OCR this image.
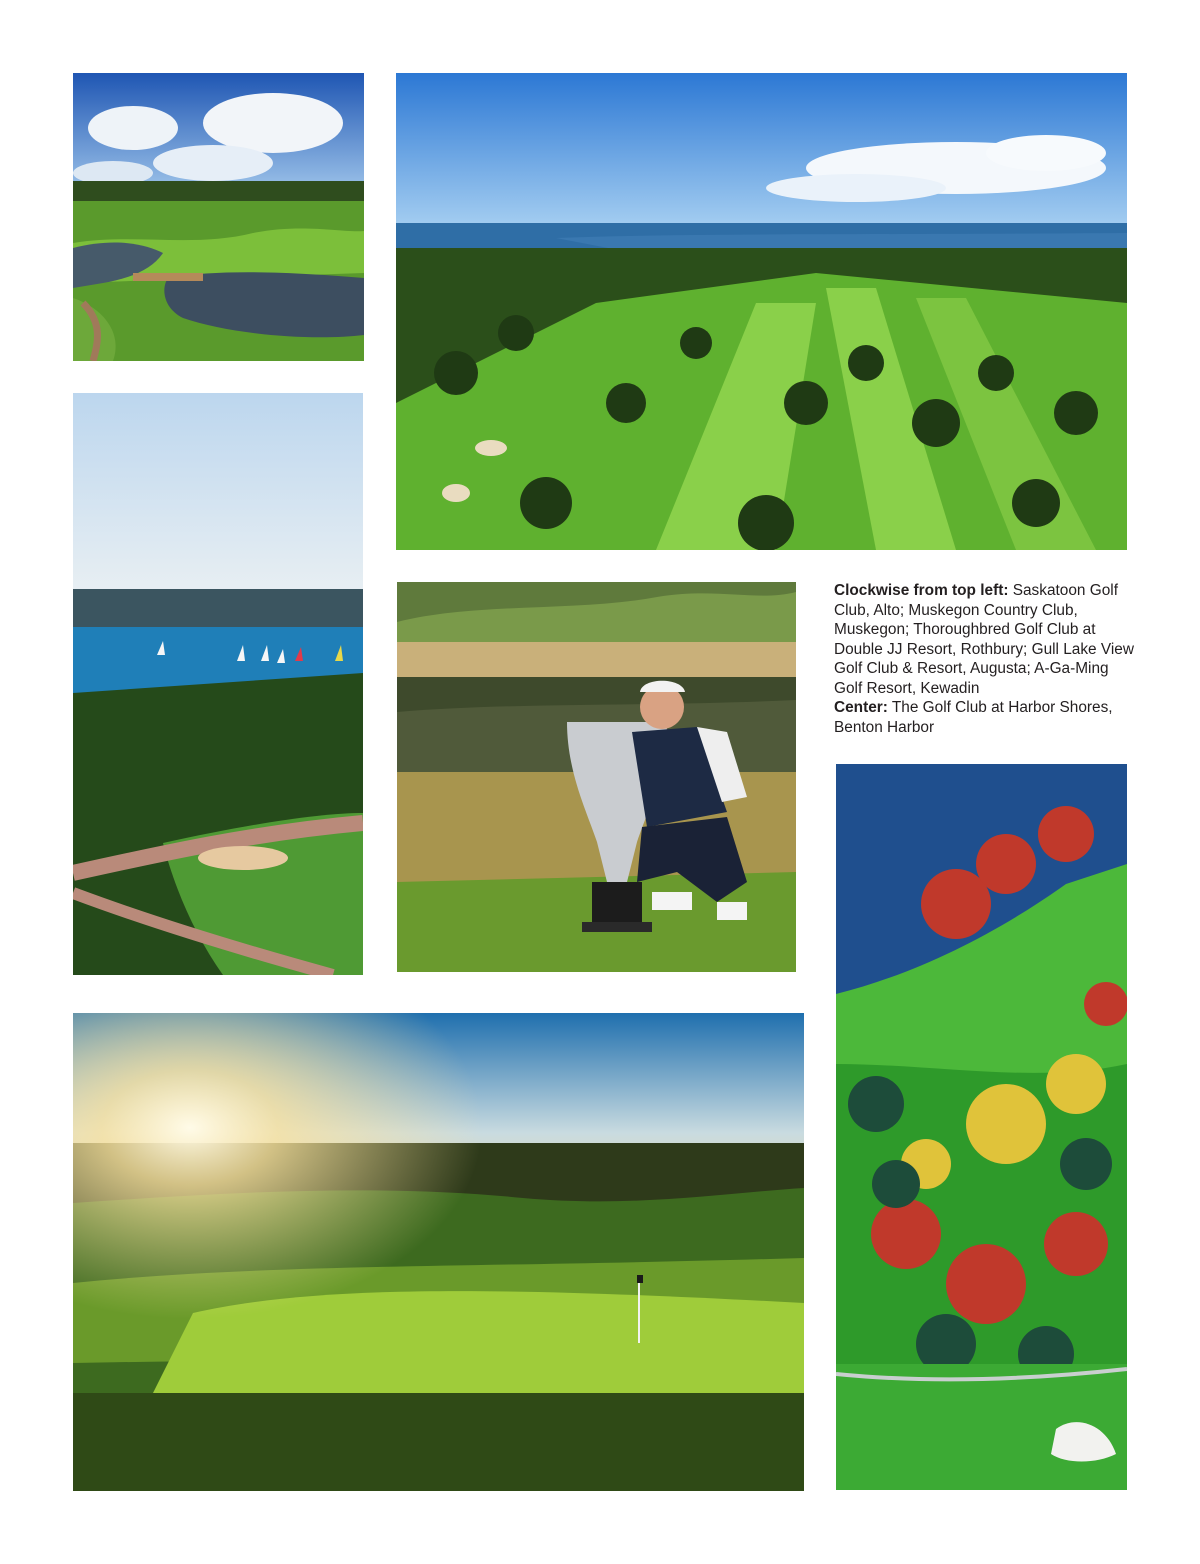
Clockwise from top left: Saskatoon Golf Club, Alto; Muskegon Country Club, Muskegon; Thoroughbred Golf Club at Double JJ Resort, Rothbury; Gull Lake View Golf Club & Resort, Augusta; A-Ga-Ming Golf Resort, Kewadin
Center: The Golf Club at Harbor Shores, Benton Harbor
